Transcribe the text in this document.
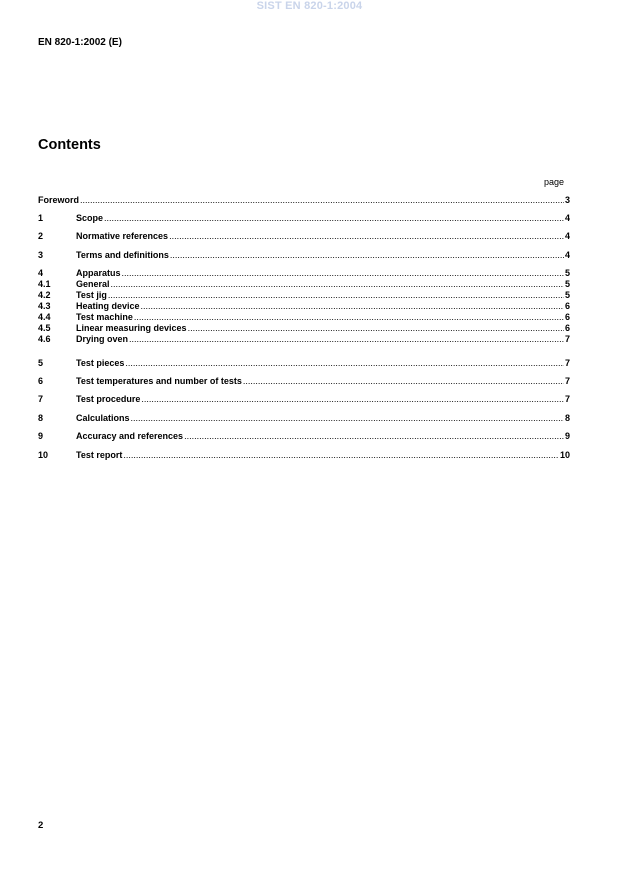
SIST EN 820-1:2004
EN 820-1:2002 (E)
Contents
page
Foreword .....	3
1	Scope .....	4
2	Normative references .....	4
3	Terms and definitions .....	4
4	Apparatus .....	5
4.1	General .....	5
4.2	Test jig .....	5
4.3	Heating device .....	6
4.4	Test machine .....	6
4.5	Linear measuring devices .....	6
4.6	Drying oven .....	7
5	Test pieces .....	7
6	Test temperatures and number of tests .....	7
7	Test procedure .....	7
8	Calculations .....	8
9	Accuracy and references .....	9
10	Test report .....	10
2
